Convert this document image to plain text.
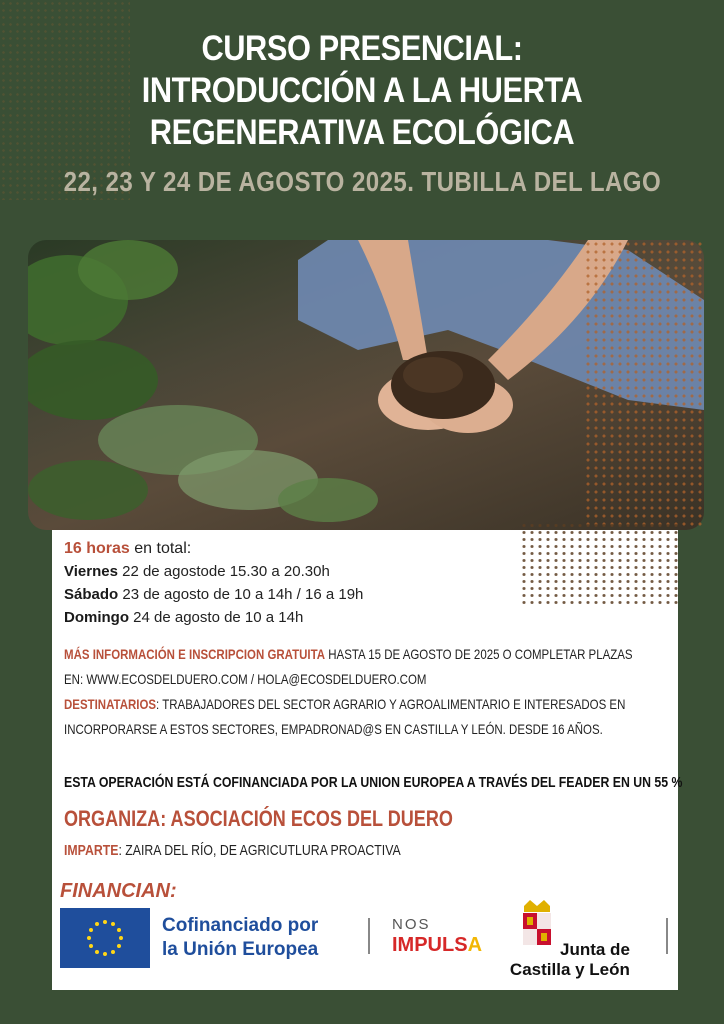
CURSO PRESENCIAL:
INTRODUCCIÓN A LA HUERTA
REGENERATIVA ECOLÓGICA
22, 23 Y 24 DE AGOSTO 2025. TUBILLA DEL LAGO
16 horas en total:
Viernes 22 de agostode 15.30 a 20.30h
Sábado 23 de agosto de 10 a 14h / 16 a 19h
Domingo 24 de agosto de 10 a 14h
MÁS INFORMACIÓN E INSCRIPCION GRATUITA HASTA 15 DE AGOSTO DE 2025 O COMPLETAR PLAZAS
EN: WWW.ECOSDELDUERO.COM / HOLA@ECOSDELDUERO.COM
DESTINATARIOS: TRABAJADORES DEL SECTOR AGRARIO Y AGROALIMENTARIO E INTERESADOS EN
INCORPORARSE A ESTOS SECTORES, EMPADRONAD@S EN CASTILLA Y LEÓN. DESDE 16 AÑOS.
ESTA OPERACIÓN ESTÁ COFINANCIADA POR LA UNION EUROPEA A TRAVÉS DEL FEADER EN UN 55 %
ORGANIZA: ASOCIACIÓN ECOS DEL DUERO
IMPARTE: ZAIRA DEL RÍO, DE AGRICUTLURA PROACTIVA
FINANCIAN:
Cofinanciado por
la Unión Europea
NOS
IMPULSA	Junta de
Castilla y León
